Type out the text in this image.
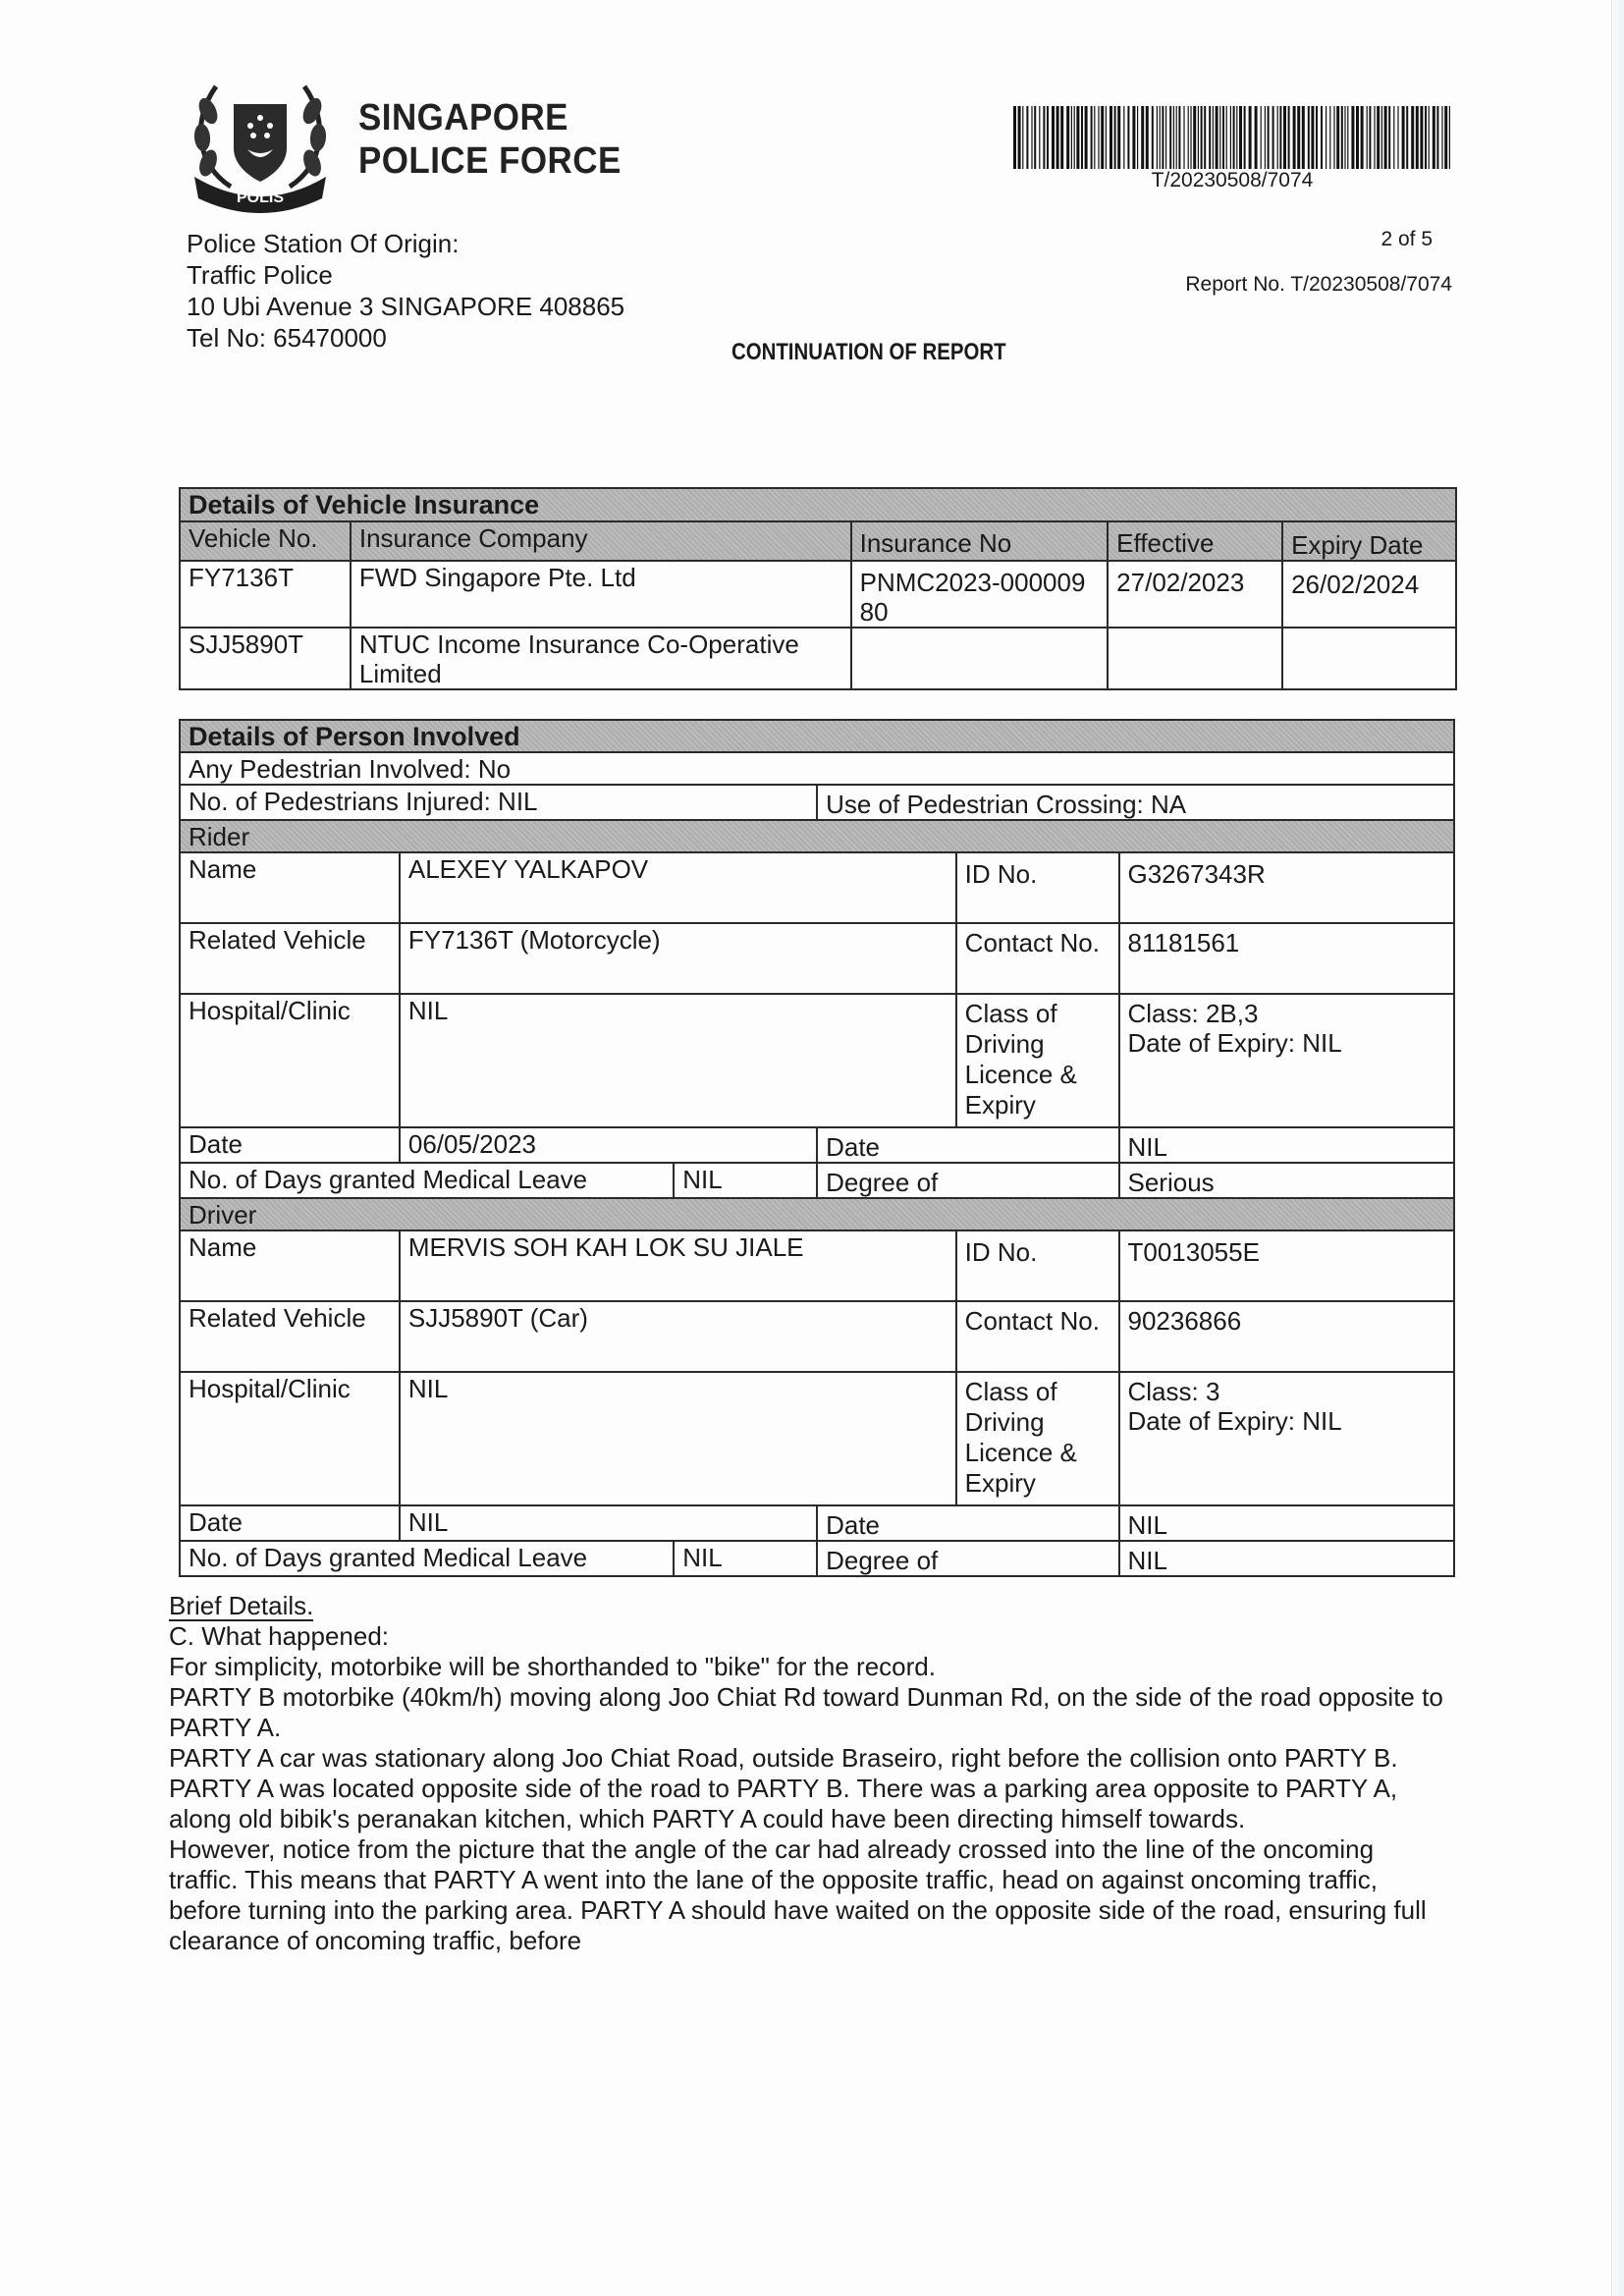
POLIS
SINGAPORE
POLICE FORCE	T/20230508/7074
2 of 5
Report No. T/20230508/7074
Police Station Of Origin:
Traffic Police
10 Ubi Avenue 3 SINGAPORE 408865
Tel No: 65470000	CONTINUATION OF REPORT
Details of Vehicle Insurance				
Vehicle No.	Insurance Company	Insurance No	Effective	Expiry Date
FY7136T	FWD Singapore Pte. Ltd	PNMC2023-00000980	27/02/2023	26/02/2024
SJJ5890T	NTUC Income Insurance Co-Operative Limited			
Details of Person Involved					
Any Pedestrian Involved: No					
No. of Pedestrians Injured: NIL			Use of Pedestrian Crossing: NA		
Rider					
Name	ALEXEY YALKAPOV			ID No.	G3267343R
Related Vehicle	FY7136T (Motorcycle)			Contact No.	81181561
Hospital/Clinic	NIL			Class of Driving Licence & Expiry	Class: 2B,3
Date of Expiry: NIL

Date	06/05/2023		Date		NIL
No. of Days granted Medical Leave		NIL	Degree of		Serious
Driver					
Name	MERVIS SOH KAH LOK SU JIALE			ID No.	T0013055E
Related Vehicle	SJJ5890T (Car)			Contact No.	90236866
Hospital/Clinic	NIL			Class of Driving Licence & Expiry	Class: 3
Date of Expiry: NIL

Date	NIL		Date		NIL
No. of Days granted Medical Leave		NIL	Degree of		NIL

Brief Details.

C. What happened:

For simplicity, motorbike will be shorthanded to "bike" for the record.

PARTY B motorbike (40km/h) moving along Joo Chiat Rd toward Dunman Rd, on the side of the road opposite to PARTY A.

PARTY A car was stationary along Joo Chiat Road, outside Braseiro, right before the collision onto PARTY B. PARTY A was located opposite side of the road to PARTY B. There was a parking area opposite to PARTY A, along old bibik's peranakan kitchen, which PARTY A could have been directing himself towards.

However, notice from the picture that the angle of the car had already crossed into the line of the oncoming traffic. This means that PARTY A went into the lane of the opposite traffic, head on against oncoming traffic, before turning into the parking area. PARTY A should have waited on the opposite side of the road, ensuring full clearance of oncoming traffic, before
